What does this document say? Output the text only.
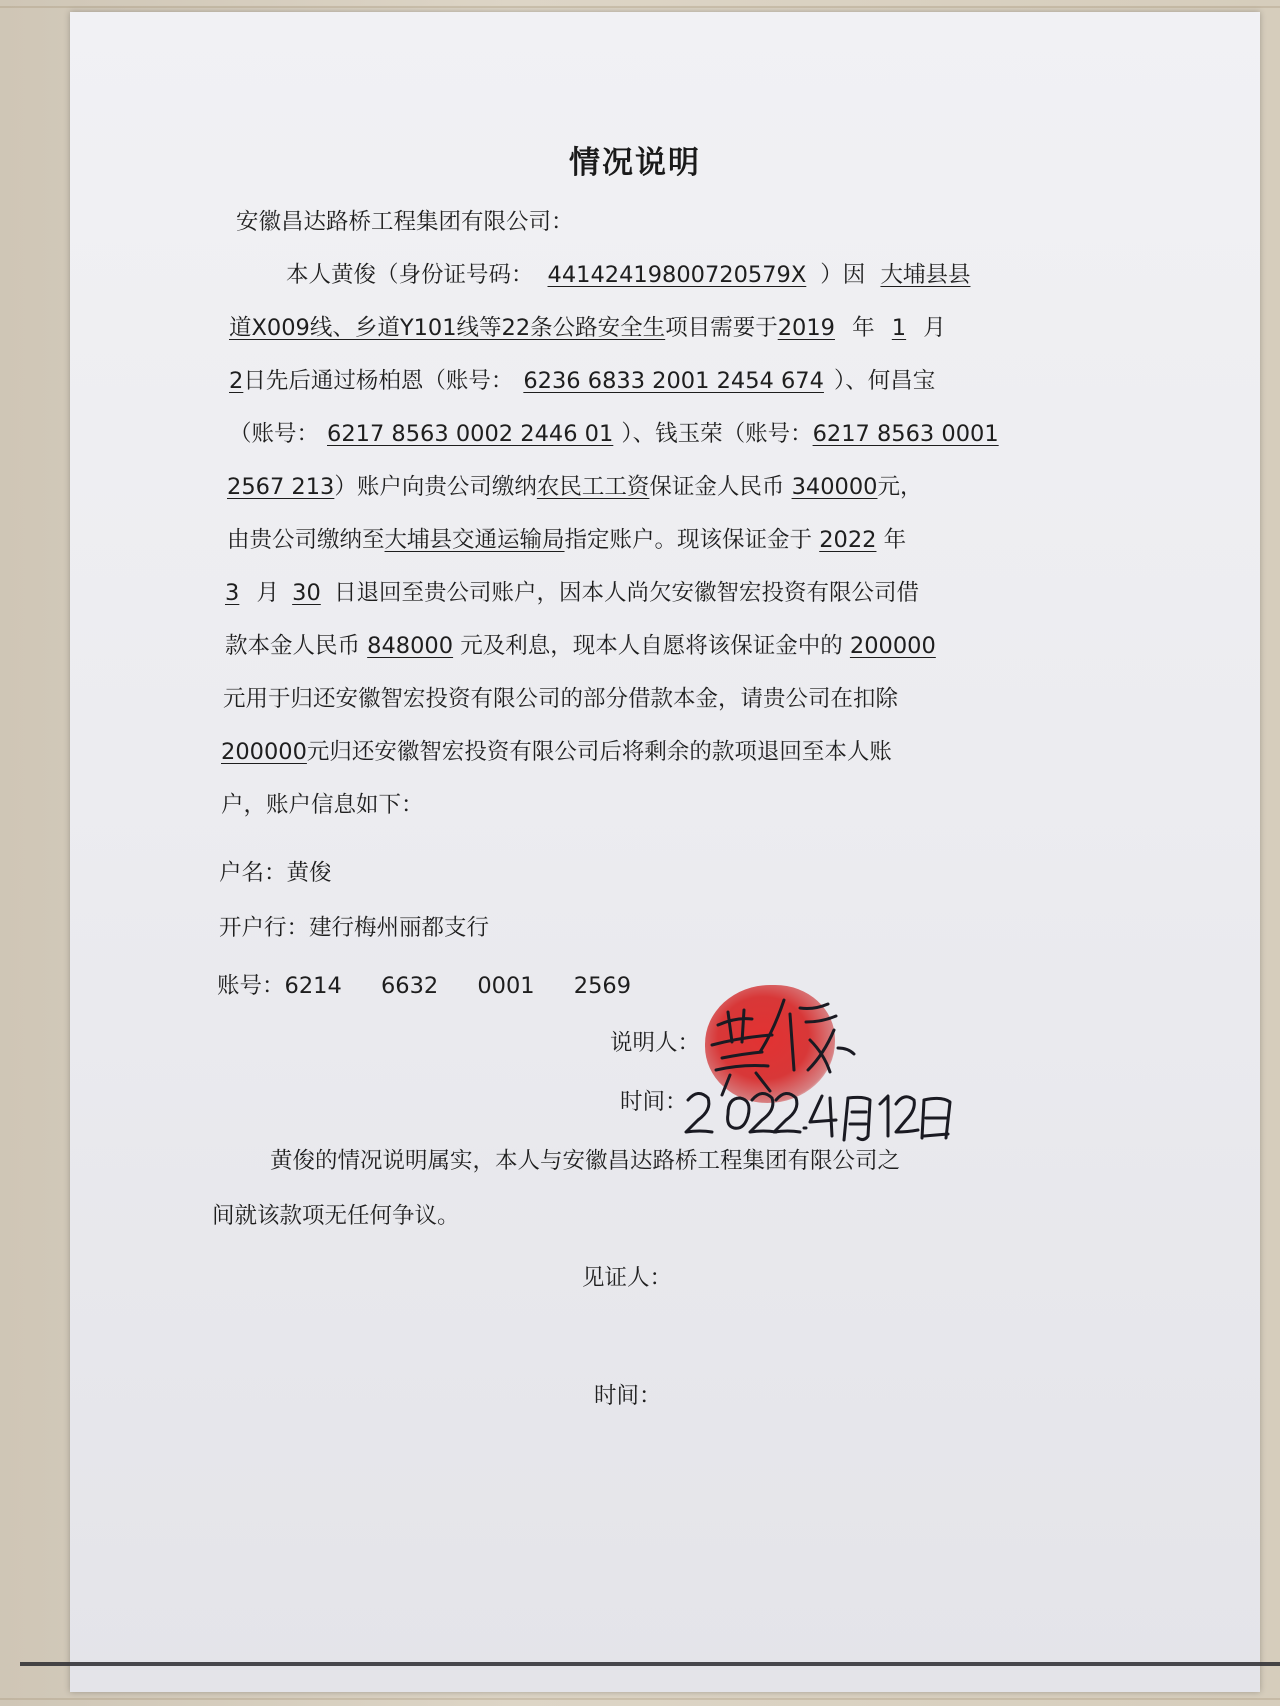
情况说明
安徽昌达路桥工程集团有限公司：
本人黄俊（身份证号码： 44142419800720579X ）因 大埔县县
道X009线、乡道Y101线等22条公路安全生项目需要于2019 年 1 月
2日先后通过杨柏恩（账号： 6236 6833 2001 2454 674 ）、何昌宝
（账号： 6217 8563 0002 2446 01 ）、钱玉荣（账号：6217 8563 0001
2567 213）账户向贵公司缴纳农民工工资保证金人民币 340000元，
由贵公司缴纳至大埔县交通运输局指定账户。现该保证金于 2022 年
3 月 30 日退回至贵公司账户，因本人尚欠安徽智宏投资有限公司借
款本金人民币 848000 元及利息，现本人自愿将该保证金中的 200000
元用于归还安徽智宏投资有限公司的部分借款本金，请贵公司在扣除
200000元归还安徽智宏投资有限公司后将剩余的款项退回至本人账
户，账户信息如下：
户名：黄俊
开户行：建行梅州丽都支行
账号：6214 6632 0001 2569
说明人：
时间：
黄俊的情况说明属实，本人与安徽昌达路桥工程集团有限公司之
间就该款项无任何争议。
见证人：
时间：
